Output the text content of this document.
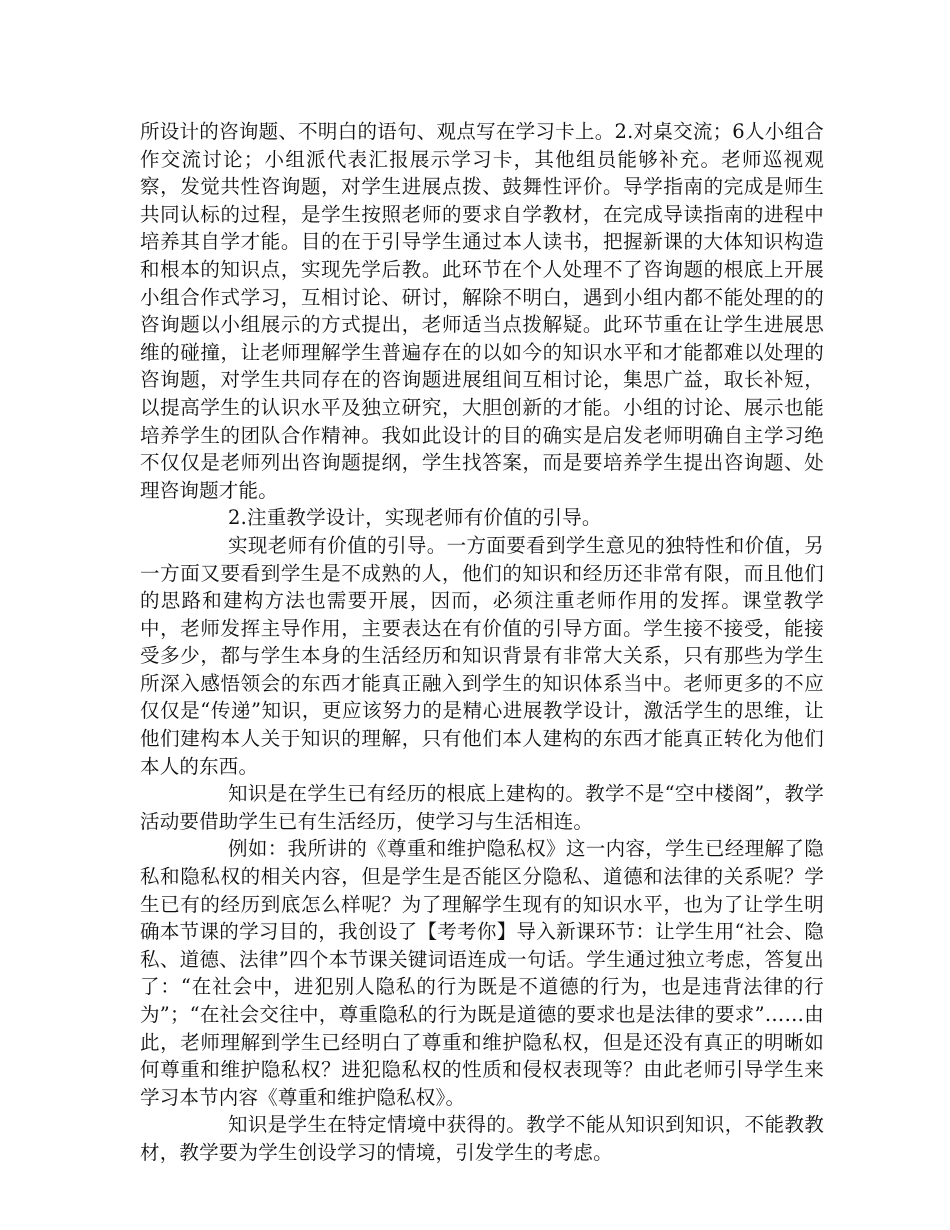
所设计的咨询题、不明白的语句、观点写在学习卡上。2.对桌交流；6人小组合作交流讨论；小组派代表汇报展示学习卡，其他组员能够补充。老师巡视观察，发觉共性咨询题，对学生进展点拨、鼓舞性评价。导学指南的完成是师生共同认标的过程，是学生按照老师的要求自学教材，在完成导读指南的进程中培养其自学才能。目的在于引导学生通过本人读书，把握新课的大体知识构造和根本的知识点，实现先学后教。此环节在个人处理不了咨询题的根底上开展小组合作式学习，互相讨论、研讨，解除不明白，遇到小组内都不能处理的的咨询题以小组展示的方式提出，老师适当点拨解疑。此环节重在让学生进展思维的碰撞，让老师理解学生普遍存在的以如今的知识水平和才能都难以处理的咨询题，对学生共同存在的咨询题进展组间互相讨论，集思广益，取长补短，以提高学生的认识水平及独立研究，大胆创新的才能。小组的讨论、展示也能培养学生的团队合作精神。我如此设计的目的确实是启发老师明确自主学习绝不仅仅是老师列出咨询题提纲，学生找答案，而是要培养学生提出咨询题、处理咨询题才能。

2.注重教学设计，实现老师有价值的引导。

实现老师有价值的引导。一方面要看到学生意见的独特性和价值，另一方面又要看到学生是不成熟的人，他们的知识和经历还非常有限，而且他们的思路和建构方法也需要开展，因而，必须注重老师作用的发挥。课堂教学中，老师发挥主导作用，主要表达在有价值的引导方面。学生接不接受，能接受多少，都与学生本身的生活经历和知识背景有非常大关系，只有那些为学生所深入感悟领会的东西才能真正融入到学生的知识体系当中。老师更多的不应仅仅是“传递”知识，更应该努力的是精心进展教学设计，激活学生的思维，让他们建构本人关于知识的理解，只有他们本人建构的东西才能真正转化为他们本人的东西。

知识是在学生已有经历的根底上建构的。教学不是“空中楼阁”，教学活动要借助学生已有生活经历，使学习与生活相连。

例如：我所讲的《尊重和维护隐私权》这一内容，学生已经理解了隐私和隐私权的相关内容，但是学生是否能区分隐私、道德和法律的关系呢？学生已有的经历到底怎么样呢？为了理解学生现有的知识水平，也为了让学生明确本节课的学习目的，我创设了【考考你】导入新课环节：让学生用“社会、隐私、道德、法律”四个本节课关键词语连成一句话。学生通过独立考虑，答复出了：“在社会中，进犯别人隐私的行为既是不道德的行为，也是违背法律的行为”；“在社会交往中，尊重隐私的行为既是道德的要求也是法律的要求”……由此，老师理解到学生已经明白了尊重和维护隐私权，但是还没有真正的明晰如何尊重和维护隐私权？进犯隐私权的性质和侵权表现等？由此老师引导学生来学习本节内容《尊重和维护隐私权》。

知识是学生在特定情境中获得的。教学不能从知识到知识，不能教教材，教学要为学生创设学习的情境，引发学生的考虑。
